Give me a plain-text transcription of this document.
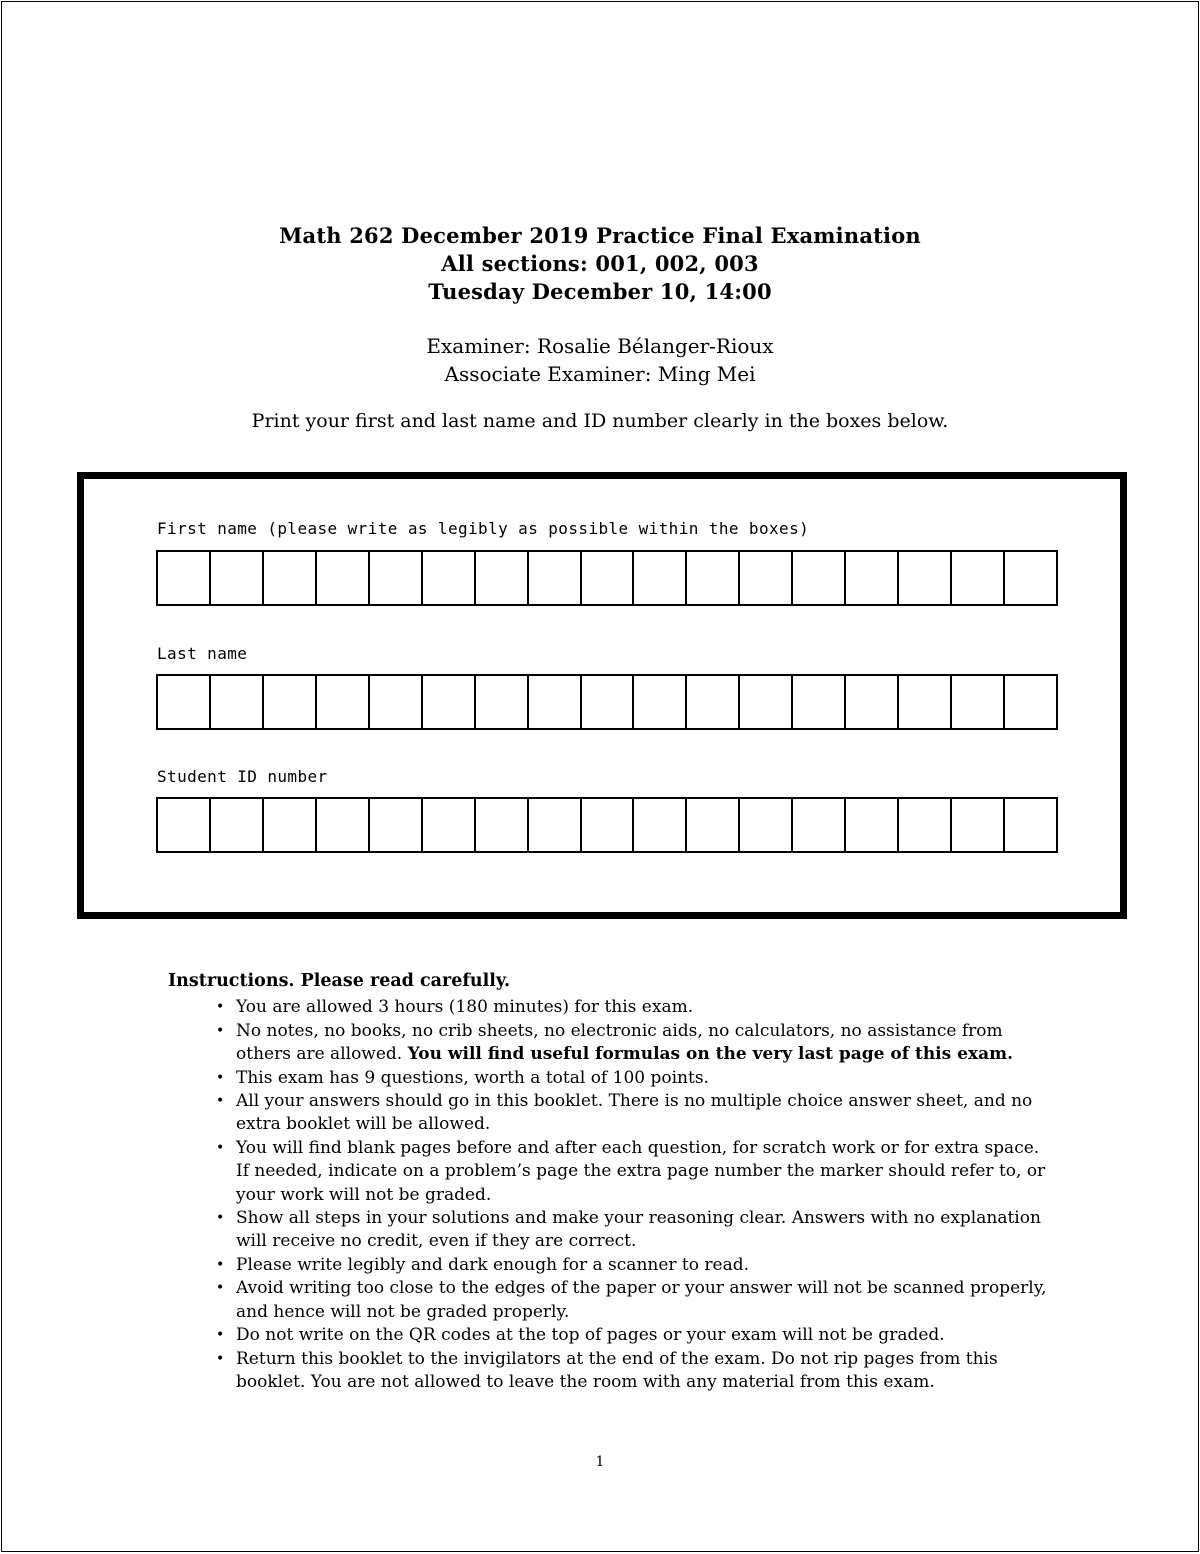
Math 262 December 2019 Practice Final Examination
All sections: 001, 002, 003
Tuesday December 10, 14:00
Examiner: Rosalie Bélanger-Rioux
Associate Examiner: Ming Mei
Print your first and last name and ID number clearly in the boxes below.
First name (please write as legibly as possible within the boxes)
Last name
Student ID number
Instructions. Please read carefully.
• You are allowed 3 hours (180 minutes) for this exam.
• No notes, no books, no crib sheets, no electronic aids, no calculators, no assistance from others are allowed. You will find useful formulas on the very last page of this exam.
• This exam has 9 questions, worth a total of 100 points.
• All your answers should go in this booklet. There is no multiple choice answer sheet, and no extra booklet will be allowed.
• You will find blank pages before and after each question, for scratch work or for extra space. If needed, indicate on a problem’s page the extra page number the marker should refer to, or your work will not be graded.
• Show all steps in your solutions and make your reasoning clear. Answers with no explanation will receive no credit, even if they are correct.
• Please write legibly and dark enough for a scanner to read.
• Avoid writing too close to the edges of the paper or your answer will not be scanned properly, and hence will not be graded properly.
• Do not write on the QR codes at the top of pages or your exam will not be graded.
• Return this booklet to the invigilators at the end of the exam. Do not rip pages from this booklet. You are not allowed to leave the room with any material from this exam.
1
